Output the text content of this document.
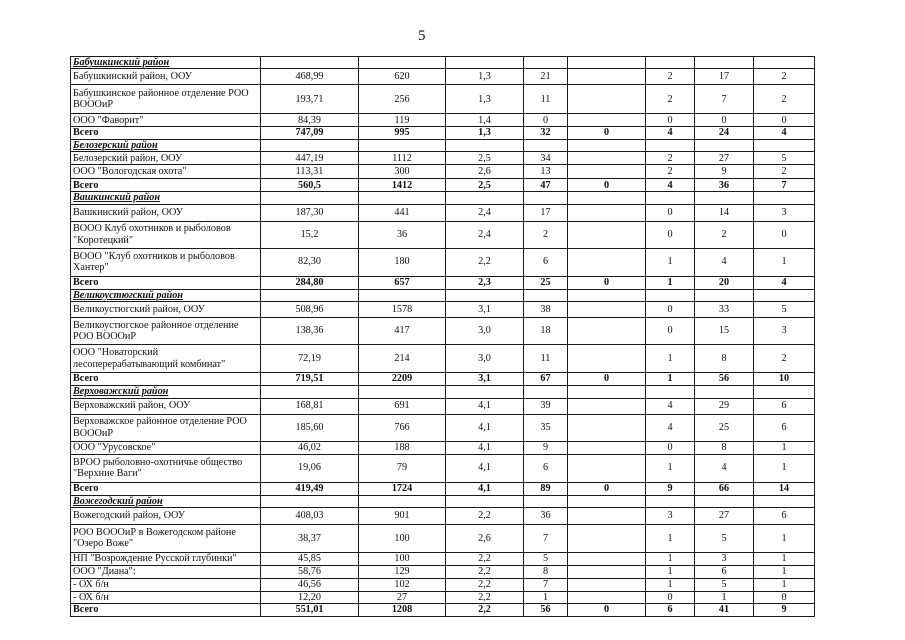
5
Бабушкинский район								
Бабушкинский район, ООУ	468,99	620	1,3	21		2	17	2
Бабушкинское районное отделение РОО ВОООиР	193,71	256	1,3	11		2	7	2
ООО "Фаворит"	84,39	119	1,4	0		0	0	0
Всего	747,09	995	1,3	32	0	4	24	4
Белозерский район								
Белозерский район, ООУ	447,19	1112	2,5	34		2	27	5
ООО "Вологодская охота"	113,31	300	2,6	13		2	9	2
Всего	560,5	1412	2,5	47	0	4	36	7
Вашкинский район								
Вашкинский район, ООУ	187,30	441	2,4	17		0	14	3
ВООО Клуб охотников и рыболовов "Коротецкий"	15,2	36	2,4	2		0	2	0
ВООО "Клуб охотников и рыболовов Хантер"	82,30	180	2,2	6		1	4	1
Всего	284,80	657	2,3	25	0	1	20	4
Великоустюгский район								
Великоустюгский район, ООУ	508,96	1578	3,1	38		0	33	5
Великоустюгское районное отделение РОО ВОООиР	138,36	417	3,0	18		0	15	3
ООО "Новаторский лесоперерабатывающий комбинат"	72,19	214	3,0	11		1	8	2
Всего	719,51	2209	3,1	67	0	1	56	10
Верховажский район								
Верховажский район, ООУ	168,81	691	4,1	39		4	29	6
Верховажское районное отделение РОО ВОООиР	185,60	766	4,1	35		4	25	6
ООО "Урусовское"	46,02	188	4,1	9		0	8	1
ВРОО рыболовно-охотничье общество "Верхние Ваги"	19,06	79	4,1	6		1	4	1
Всего	419,49	1724	4,1	89	0	9	66	14
Вожегодский район								
Вожегодский район, ООУ	408,03	901	2,2	36		3	27	6
РОО ВОООиР в Вожегодском районе "Озеро Воже"	38,37	100	2,6	7		1	5	1
НП "Возрождение Русской глубинки"	45,85	100	2,2	5		1	3	1
ООО "Диана":	58,76	129	2,2	8		1	6	1
- ОХ б/н	46,56	102	2,2	7		1	5	1
- ОХ б/н	12,20	27	2,2	1		0	1	0
Всего	551,01	1208	2,2	56	0	6	41	9
